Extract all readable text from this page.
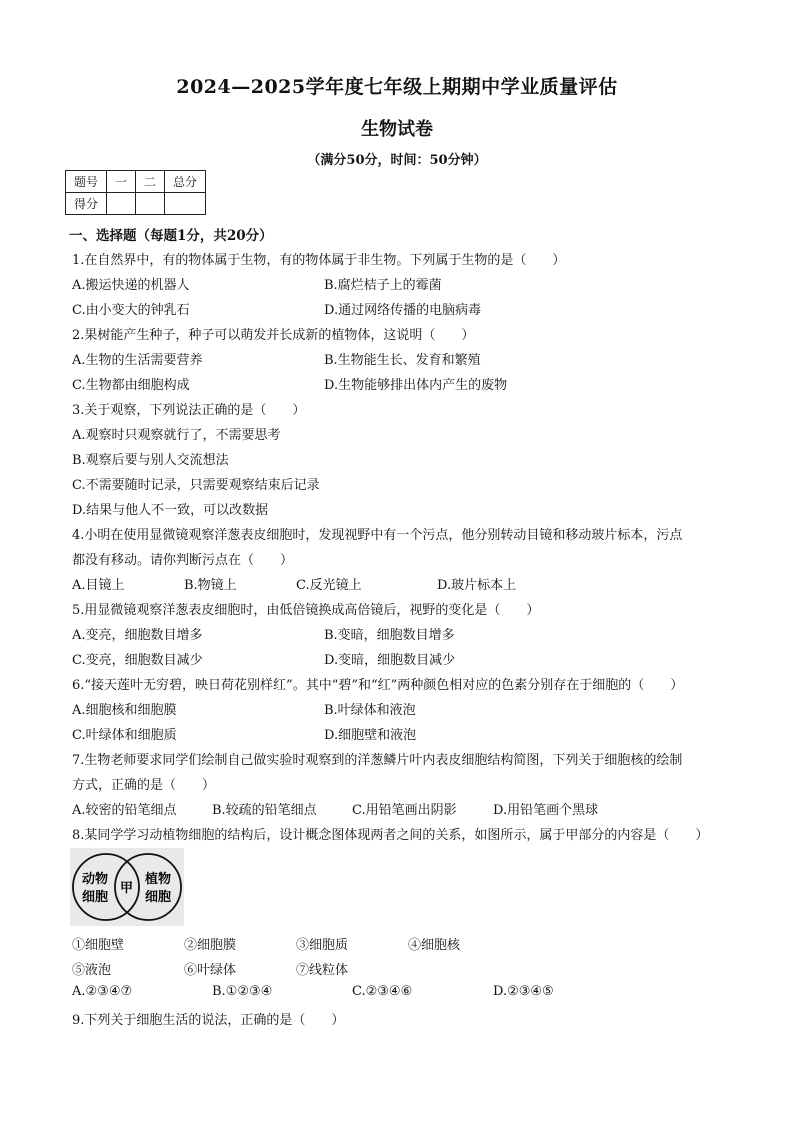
2024—2025学年度七年级上期期中学业质量评估
生物试卷
（满分50分，时间：50分钟）
题号	一	二	总分
得分			
一、选择题（每题1分，共20分）
1.在自然界中，有的物体属于生物，有的物体属于非生物。下列属于生物的是（　　）
A.搬运快递的机器人	B.腐烂桔子上的霉菌
C.由小变大的钟乳石	D.通过网络传播的电脑病毒
2.果树能产生种子，种子可以萌发并长成新的植物体，这说明（　　）
A.生物的生活需要营养	B.生物能生长、发育和繁殖
C.生物都由细胞构成	D.生物能够排出体内产生的废物
3.关于观察，下列说法正确的是（　　）
A.观察时只观察就行了，不需要思考
B.观察后要与别人交流想法
C.不需要随时记录，只需要观察结束后记录
D.结果与他人不一致，可以改数据
4.小明在使用显微镜观察洋葱表皮细胞时，发现视野中有一个污点，他分别转动目镜和移动玻片标本，污点
都没有移动。请你判断污点在（　　）
A.目镜上	B.物镜上	C.反光镜上	D.玻片标本上
5.用显微镜观察洋葱表皮细胞时，由低倍镜换成高倍镜后，视野的变化是（　　）
A.变亮，细胞数目增多	B.变暗，细胞数目增多
C.变亮，细胞数目减少	D.变暗，细胞数目减少
6.“接天莲叶无穷碧，映日荷花别样红”。其中“碧”和“红”两种颜色相对应的色素分别存在于细胞的（　　）
A.细胞核和细胞膜	B.叶绿体和液泡
C.叶绿体和细胞质	D.细胞壁和液泡
7.生物老师要求同学们绘制自己做实验时观察到的洋葱鳞片叶内表皮细胞结构简图，下列关于细胞核的绘制
方式，正确的是（　　）
A.较密的铅笔细点	B.较疏的铅笔细点	C.用铅笔画出阴影	D.用铅笔画个黑球
8.某同学学习动植物细胞的结构后，设计概念图体现两者之间的关系，如图所示，属于甲部分的内容是（　　）
动物
细胞
甲
植物
细胞
①细胞壁	②细胞膜	③细胞质	④细胞核
⑤液泡	⑥叶绿体	⑦线粒体
A.②③④⑦	B.①②③④	C.②③④⑥	D.②③④⑤
9.下列关于细胞生活的说法，正确的是（　　）
